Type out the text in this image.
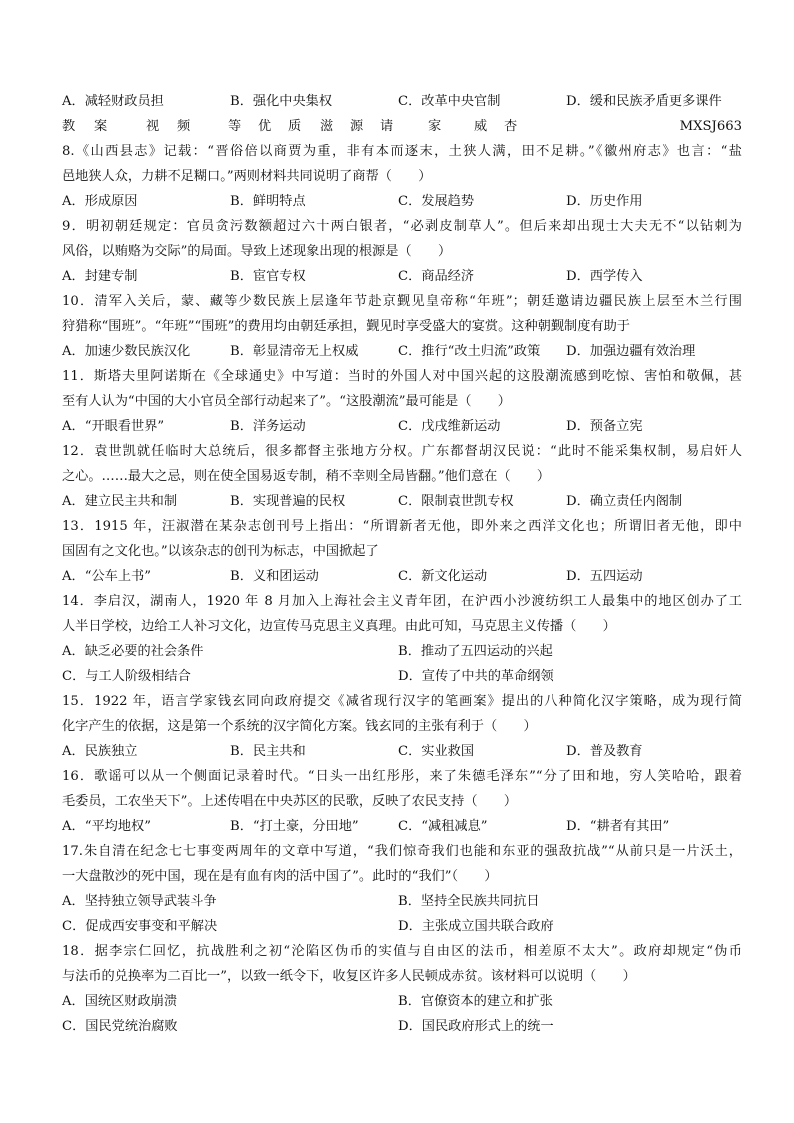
A．减轻财政员担	B．强化中央集权	C．改革中央官制	D．缓和民族矛盾更多课件
教 案	视 频	等 优 质 滋 源 请	家 威 杏	MXSJ663
8.《山西县志》记载：“晋俗倍以商贾为重，非有本而逐末，土狭人满，田不足耕。”《徽州府志》也言：“盐
邑地狭人众，力耕不足糊口。”两则材料共同说明了商帮（　　）
A．形成原因	B．鲜明特点	C．发展趋势	D．历史作用
9．明初朝廷规定：官员贪污数额超过六十两白银者，“必剥皮制草人”。但后来却出现士大夫无不“以钻刺为
风俗，以贿赂为交际”的局面。导致上述现象出现的根源是（　　）
A．封建专制	B．宦官专权	C．商品经济	D．西学传入
10．清军入关后，蒙、藏等少数民族上层逢年节赴京觐见皇帝称“年班”；朝廷邀请边疆民族上层至木兰行围
狩猎称“围班”。“年班”“围班”的费用均由朝廷承担，觐见时享受盛大的宴赏。这种朝觐制度有助于
A．加速少数民族汉化	B．彰显清帝无上权威	C．推行“改土归流”政策 D．加强边疆有效治理
11．斯塔夫里阿诺斯在《全球通史》中写道：当时的外国人对中国兴起的这股潮流感到吃惊、害怕和敬佩，甚
至有人认为“中国的大小官员全部行动起来了”。“这股潮流”最可能是（　　）
A．“开眼看世界”	B．洋务运动	C．戊戌维新运动	D．预备立宪
12．袁世凯就任临时大总统后，很多都督主张地方分权。广东都督胡汉民说：“此时不能采集权制，易启奸人
之心。……最大之忌，则在使全国易返专制，稍不幸则全局皆翻。”他们意在（　　）
A．建立民主共和制	B．实现普遍的民权	C．限制袁世凯专权	D．确立责任内阁制
13．1915 年，汪淑潜在某杂志创刊号上指出：“所谓新者无他，即外来之西洋文化也；所谓旧者无他，即中
国固有之文化也。”以该杂志的创刊为标志，中国掀起了
A．“公车上书”	B．义和团运动	C．新文化运动	D．五四运动
14．李启汉，湖南人，1920 年 8 月加入上海社会主义青年团，在沪西小沙渡纺织工人最集中的地区创办了工
人半日学校，边给工人补习文化，边宣传马克思主义真理。由此可知，马克思主义传播（　　）
A．缺乏必要的社会条件	B．推动了五四运动的兴起
C．与工人阶级相结合	D．宣传了中共的革命纲领
15．1922 年，语言学家钱玄同向政府提交《减省现行汉字的笔画案》提出的八种简化汉字策略，成为现行简
化字产生的依据，这是第一个系统的汉字简化方案。钱玄同的主张有利于（　　）
A．民族独立	B．民主共和	C．实业救国	D．普及教育
16．歌谣可以从一个侧面记录着时代。“日头一出红彤彤，来了朱德毛泽东”“分了田和地，穷人笑哈哈，跟着
毛委员，工农坐天下”。上述传唱在中央苏区的民歌，反映了农民支持（　　）
A．“平均地权”	B．“打土豪，分田地”	C．“减租减息”	D．“耕者有其田”
17.朱自清在纪念七七事变两周年的文章中写道，“我们惊奇我们也能和东亚的强敌抗战”“从前只是一片沃土，
一大盘散沙的死中国，现在是有血有肉的活中国了”。此时的“我们”（　　）
A．坚持独立领导武装斗争	B．坚持全民族共同抗日
C．促成西安事变和平解决	D．主张成立国共联合政府
18．据李宗仁回忆，抗战胜利之初“沦陷区伪币的实值与自由区的法币，相差原不太大”。政府却规定“伪币
与法币的兑换率为二百比一”，以致一纸令下，收复区许多人民顿成赤贫。该材料可以说明（　　）
A．国统区财政崩溃	B．官僚资本的建立和扩张
C．国民党统治腐败	D．国民政府形式上的统一
